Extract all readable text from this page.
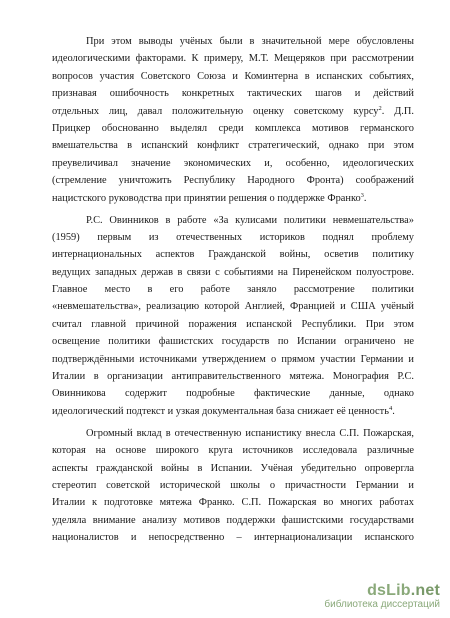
При этом выводы учёных были в значительной мере обусловлены
идеологическими факторами. К примеру, М.Т. Мещеряков при рассмотрении
вопросов участия Советского Союза и Коминтерна в испанских событиях,
признавая ошибочность конкретных тактических шагов и действий
отдельных лиц, давал положительную оценку советскому курсу$^2$. Д.П.
Прицкер обоснованно выделял среди комплекса мотивов германского
вмешательства в испанский конфликт стратегический, однако при этом
преувеличивал значение экономических и, особенно, идеологических
(стремление уничтожить Республику Народного Фронта) соображений
нацистского руководства при принятии решения о поддержке Франко$^3$.
Р.С. Овинников в работе «За кулисами политики невмешательства»
(1959) первым из отечественных историков поднял проблему
интернациональных аспектов Гражданской войны, осветив политику
ведущих западных держав в связи с событиями на Пиренейском полуострове.
Главное место в его работе заняло рассмотрение политики
«невмешательства», реализацию которой Англией, Францией и США учёный
считал главной причиной поражения испанской Республики. При этом
освещение политики фашистских государств по Испании ограничено не
подтверждёнными источниками утверждением о прямом участии Германии и
Италии в организации антиправительственного мятежа. Монография Р.С.
Овинникова содержит подробные фактические данные, однако
идеологический подтекст и узкая документальная база снижает её ценность$^4$.
Огромный вклад в отечественную испанистику внесла С.П. Пожарская,
которая на основе широкого круга источников исследовала различные
аспекты гражданской войны в Испании. Учёная убедительно опровергла
стереотип советской исторической школы о причастности Германии и
Италии к подготовке мятежа Франко. С.П. Пожарская во многих работах
уделяла внимание анализу мотивов поддержки фашистскими государствами
националистов и непосредственно – интернационализации испанского
dsLib.net
библиотека диссертаций
